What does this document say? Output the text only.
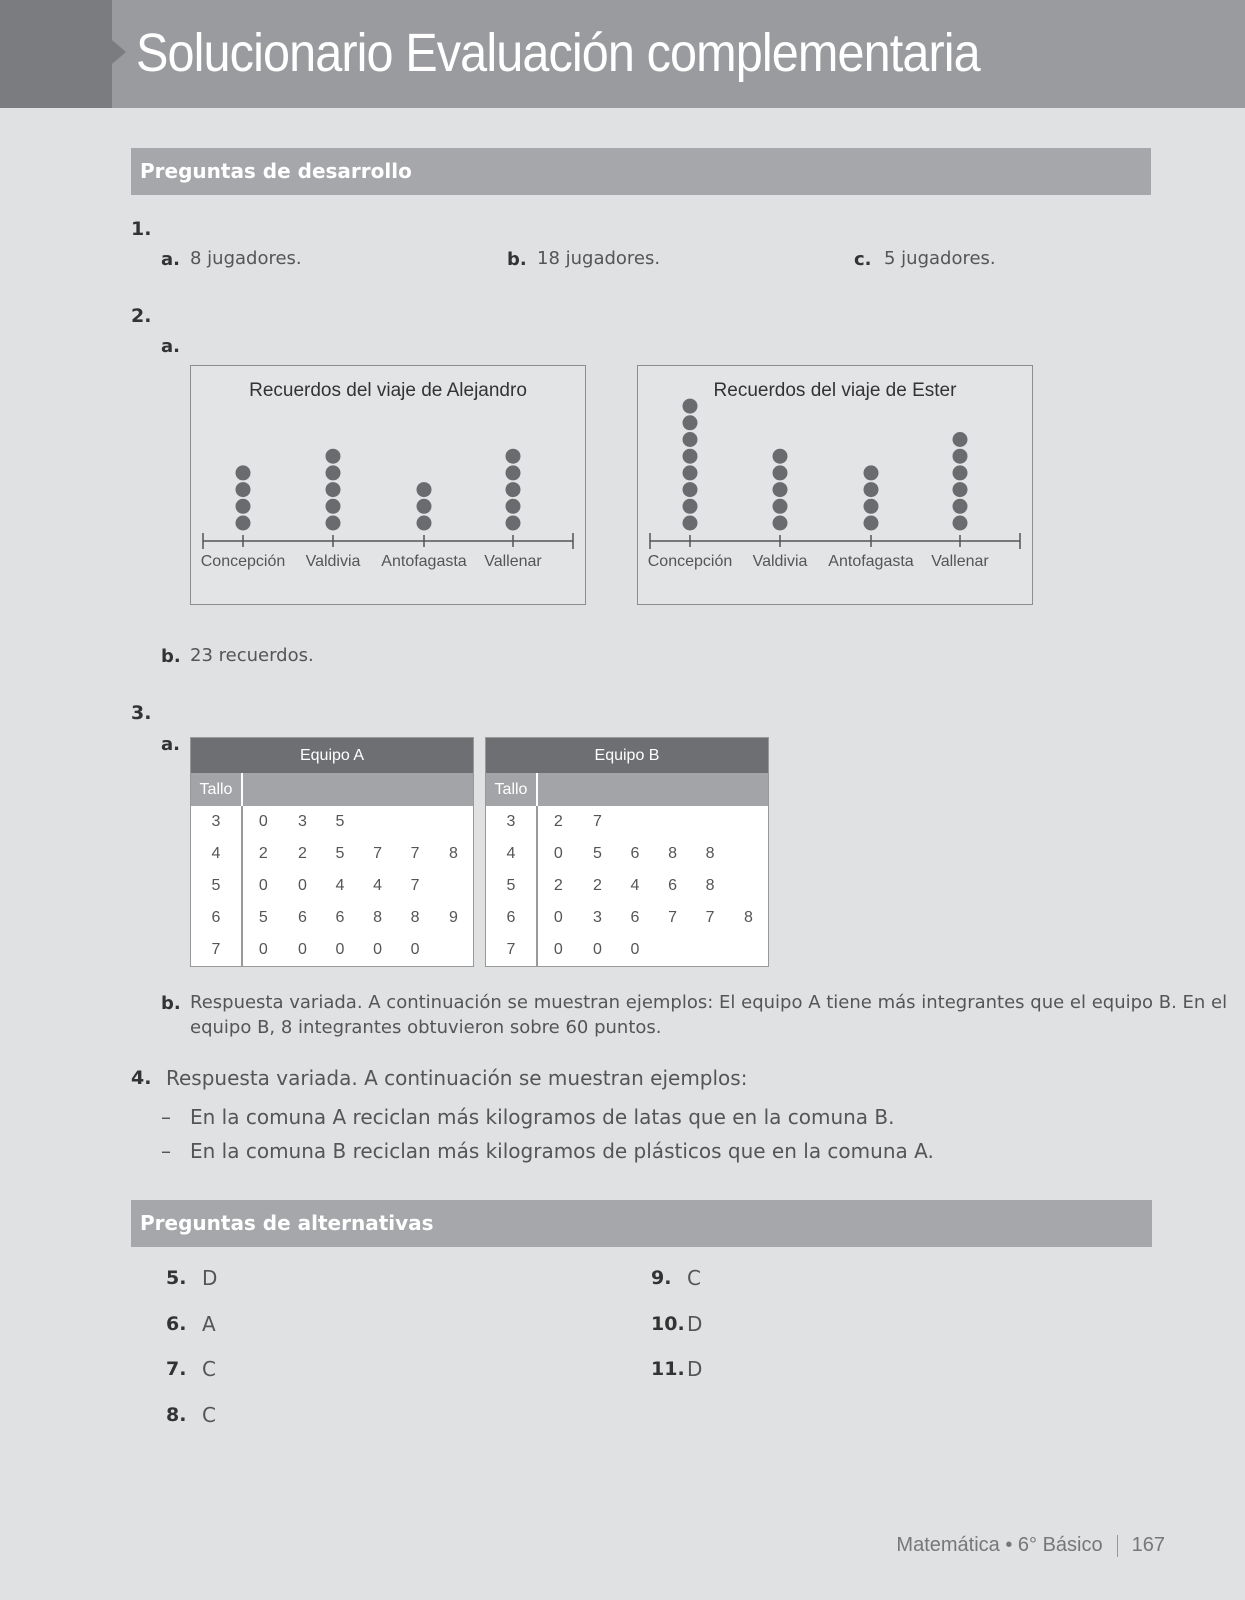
Solucionario Evaluación complementaria
Preguntas de desarrollo
1.
a. 8 jugadores.	b. 18 jugadores.	c. 5 jugadores.
2.
a.
Recuerdos del viaje de Alejandro
Concepción Valdivia Antofagasta Vallenar
Recuerdos del viaje de Ester
Concepción Valdivia Antofagasta Vallenar
b. 23 recuerdos.
3.
a.	Equipo A						
Tallo						
3	0	3	5			
4	2	2	5	7	7	8
5	0	0	4	4	7	
6	5	6	6	8	8	9
7	0	0	0	0	0	
Equipo B						
Tallo						
3	2	7				
4	0	5	6	8	8	
5	2	2	4	6	8	
6	0	3	6	7	7	8
7	0	0	0			
b. Respuesta variada. A continuación se muestran ejemplos: El equipo A tiene más integrantes que el equipo B. En el
equipo B, 8 integrantes obtuvieron sobre 60 puntos.
4. Respuesta variada. A continuación se muestran ejemplos:
– En la comuna A reciclan más kilogramos de latas que en la comuna B.
– En la comuna B reciclan más kilogramos de plásticos que en la comuna A.
Preguntas de alternativas
5. D
6. A
7. C
8. C
9. C
10. D
11. D
Matemática • 6° Básico 167
